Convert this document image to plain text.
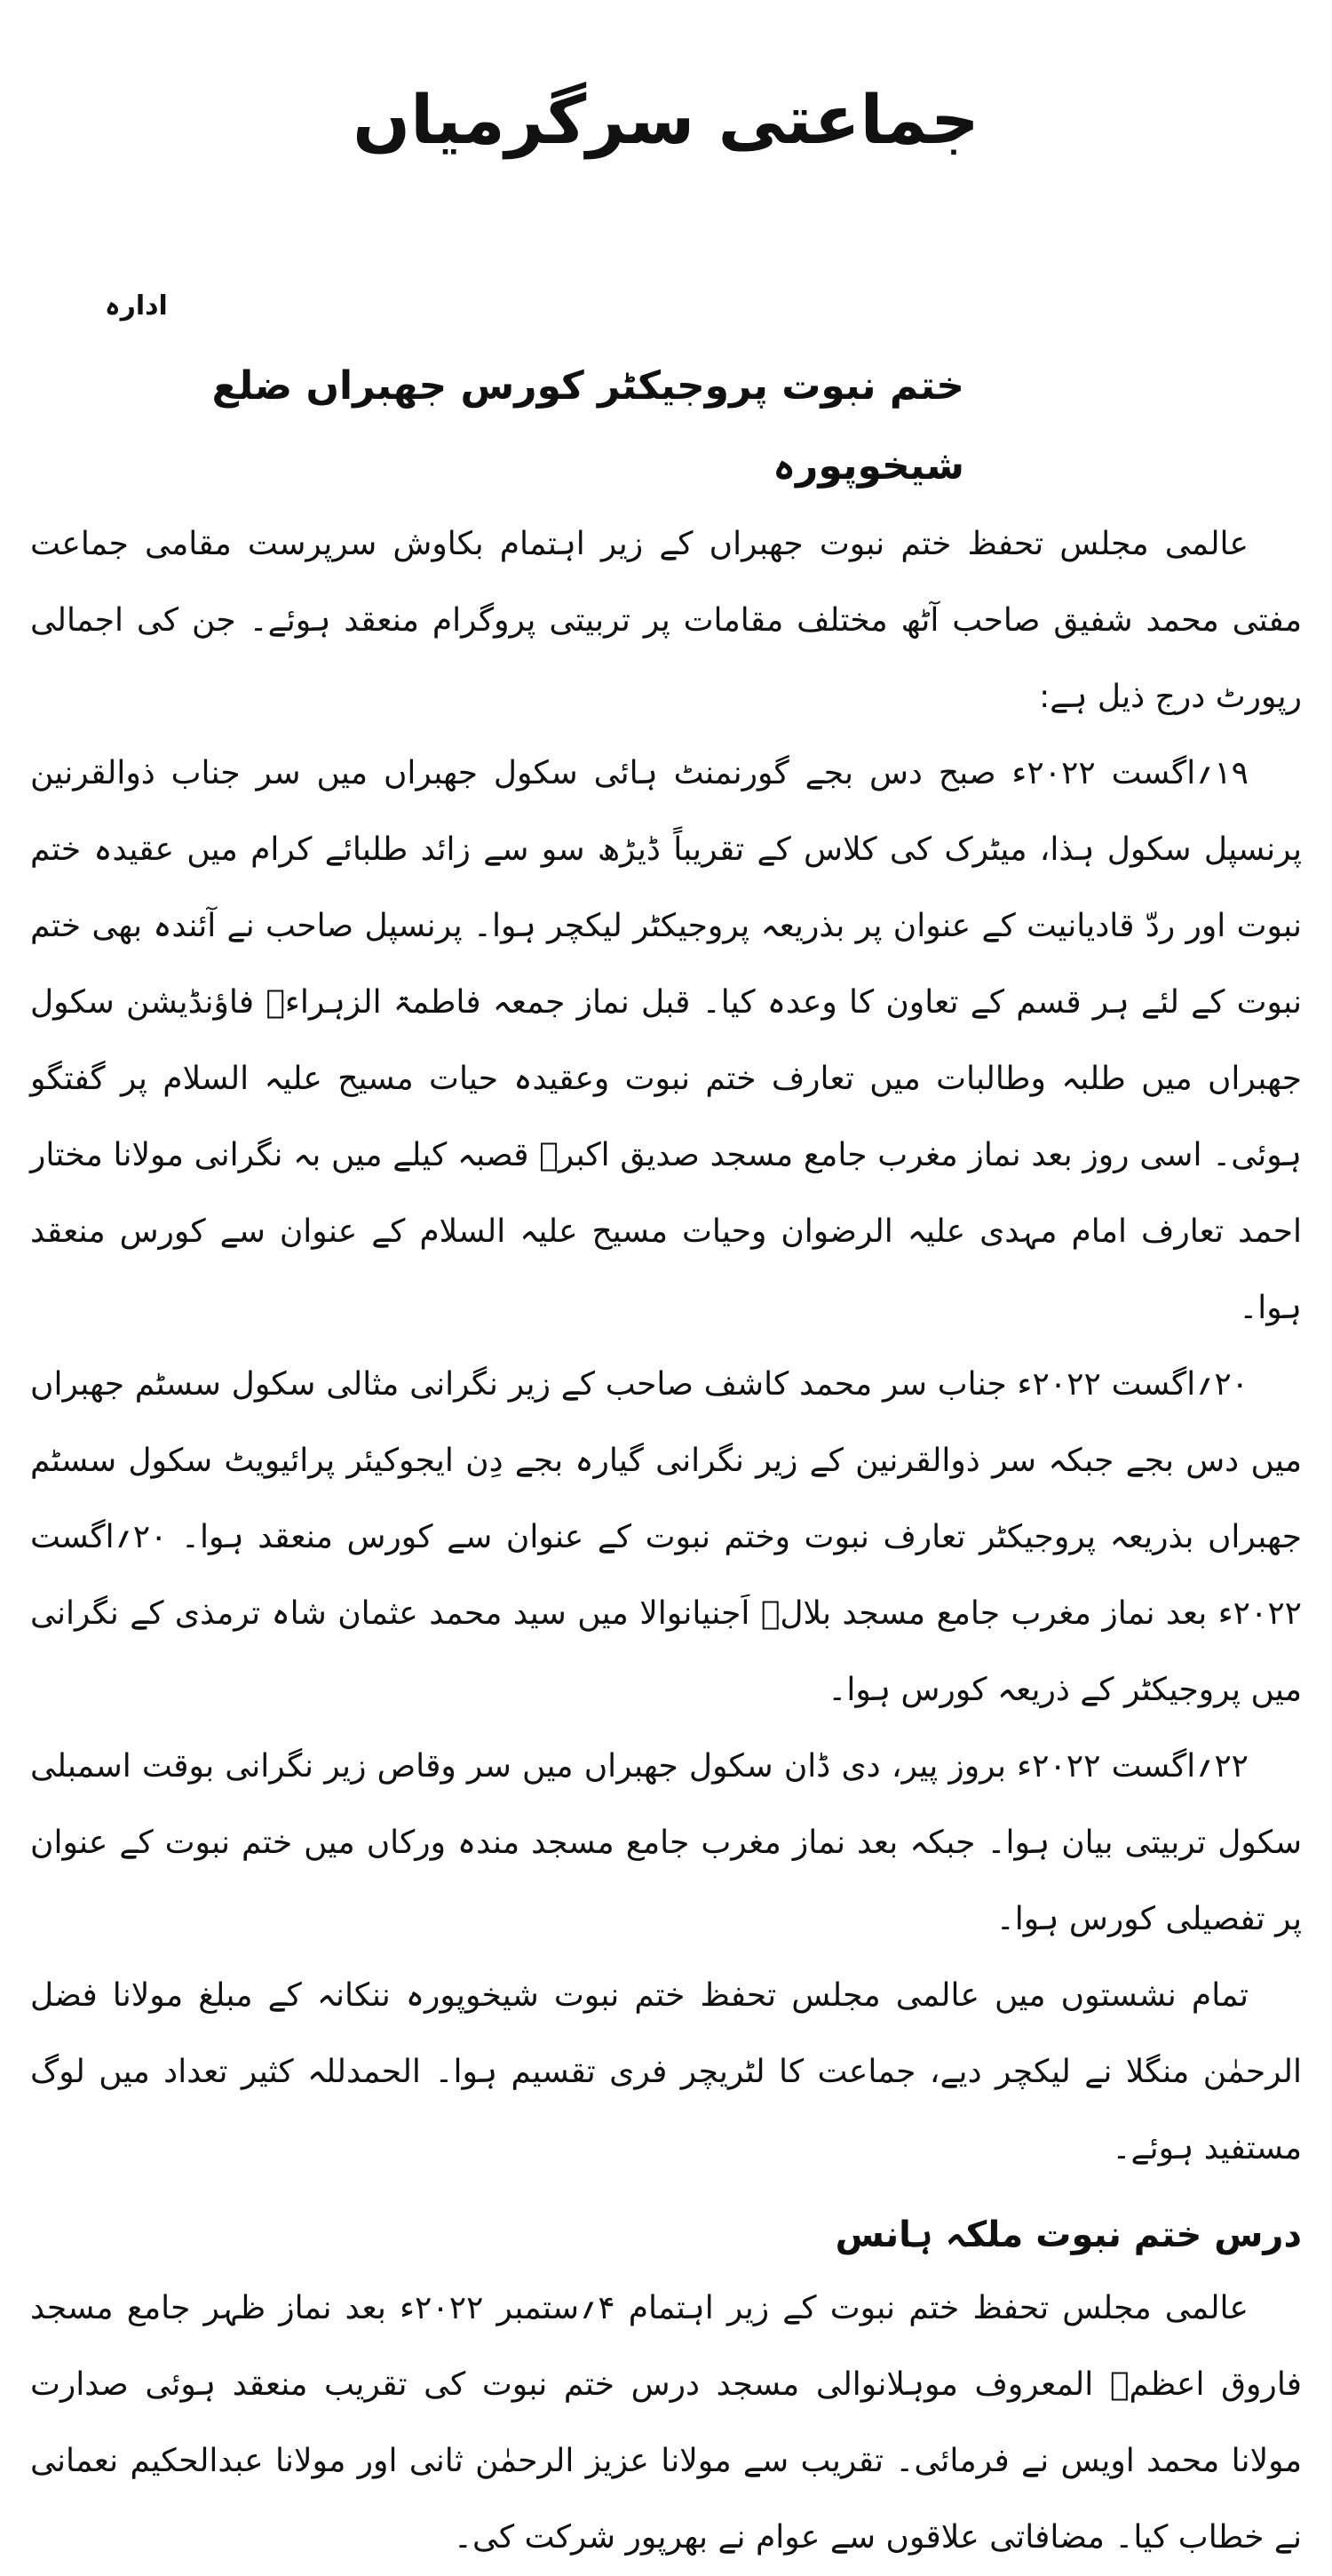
جماعتی سرگرمیاں
ادارہ
ختم نبوت پروجیکٹر کورس جھبراں ضلع شیخوپورہ

عالمی مجلس تحفظ ختم نبوت جھبراں کے زیر اہتمام بکاوش سرپرست مقامی جماعت مفتی محمد شفیق صاحب آٹھ مختلف مقامات پر تربیتی پروگرام منعقد ہوئے۔ جن کی اجمالی رپورٹ درج ذیل ہے:

۱۹؍اگست ۲۰۲۲ء صبح دس بجے گورنمنٹ ہائی سکول جھبراں میں سر جناب ذوالقرنین پرنسپل سکول ہذا، میٹرک کی کلاس کے تقریباً ڈیڑھ سو سے زائد طلبائے کرام میں عقیدہ ختم نبوت اور ردّ قادیانیت کے عنوان پر بذریعہ پروجیکٹر لیکچر ہوا۔ پرنسپل صاحب نے آئندہ بھی ختم نبوت کے لئے ہر قسم کے تعاون کا وعدہ کیا۔ قبل نماز جمعہ فاطمۃ الزہراءؓ فاؤنڈیشن سکول جھبراں میں طلبہ وطالبات میں تعارف ختم نبوت وعقیدہ حیات مسیح علیہ السلام پر گفتگو ہوئی۔ اسی روز بعد نماز مغرب جامع مسجد صدیق اکبرؓ قصبہ کیلے میں بہ نگرانی مولانا مختار احمد تعارف امام مہدی علیہ الرضوان وحیات مسیح علیہ السلام کے عنوان سے کورس منعقد ہوا۔

۲۰؍اگست ۲۰۲۲ء جناب سر محمد کاشف صاحب کے زیر نگرانی مثالی سکول سسٹم جھبراں میں دس بجے جبکہ سر ذوالقرنین کے زیر نگرانی گیارہ بجے دِن ایجوکیئر پرائیویٹ سکول سسٹم جھبراں بذریعہ پروجیکٹر تعارف نبوت وختم نبوت کے عنوان سے کورس منعقد ہوا۔ ۲۰؍اگست ۲۰۲۲ء بعد نماز مغرب جامع مسجد بلالؓ اَجنیانوالا میں سید محمد عثمان شاہ ترمذی کے نگرانی میں پروجیکٹر کے ذریعہ کورس ہوا۔

۲۲؍اگست ۲۰۲۲ء بروز پیر، دی ڈان سکول جھبراں میں سر وقاص زیر نگرانی بوقت اسمبلی سکول تربیتی بیان ہوا۔ جبکہ بعد نماز مغرب جامع مسجد مندہ ورکاں میں ختم نبوت کے عنوان پر تفصیلی کورس ہوا۔

تمام نشستوں میں عالمی مجلس تحفظ ختم نبوت شیخوپورہ ننکانہ کے مبلغ مولانا فضل الرحمٰن منگلا نے لیکچر دیے، جماعت کا لٹریچر فری تقسیم ہوا۔ الحمدللہ کثیر تعداد میں لوگ مستفید ہوئے۔

درس ختم نبوت ملکہ ہانس

عالمی مجلس تحفظ ختم نبوت کے زیر اہتمام ۴؍ستمبر ۲۰۲۲ء بعد نماز ظہر جامع مسجد فاروق اعظمؓ المعروف موہلانوالی مسجد درس ختم نبوت کی تقریب منعقد ہوئی صدارت مولانا محمد اویس نے فرمائی۔ تقریب سے مولانا عزیز الرحمٰن ثانی اور مولانا عبدالحکیم نعمانی نے خطاب کیا۔ مضافاتی علاقوں سے عوام نے بھرپور شرکت کی۔
